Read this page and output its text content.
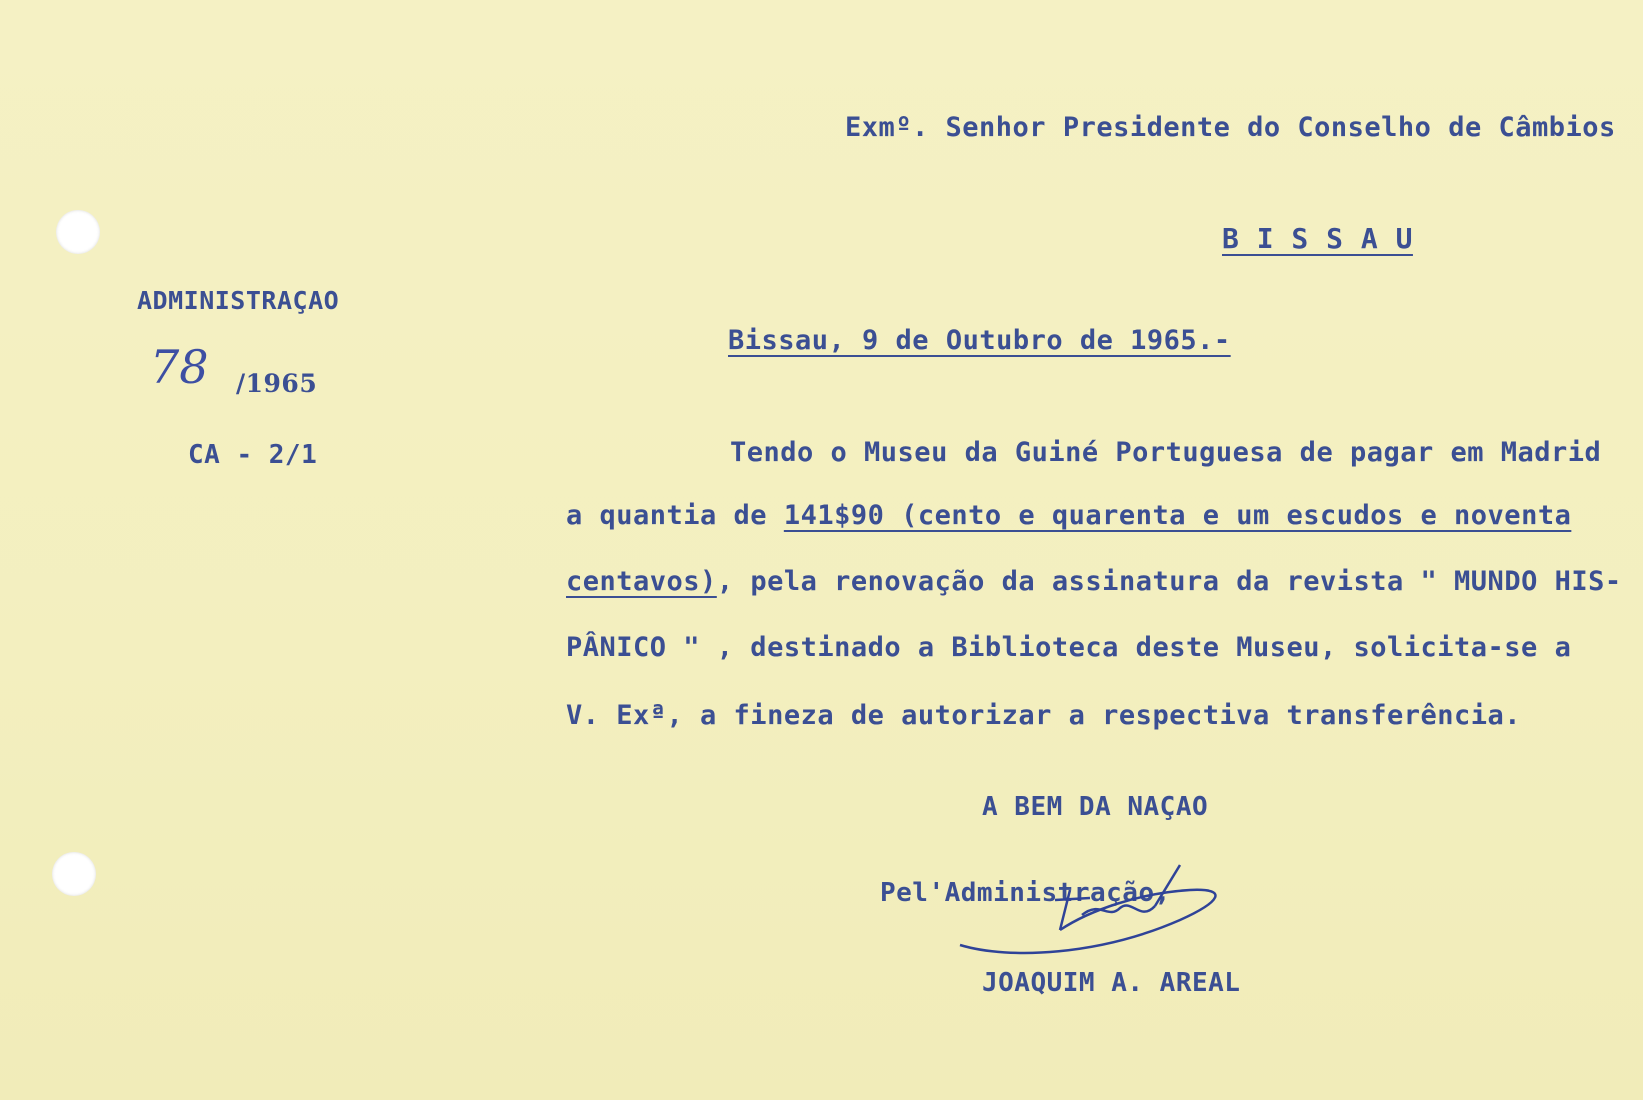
Exmº. Senhor Presidente do Conselho de Câmbios
B I S S A U
ADMINISTRAÇAO
78 /1965
CA - 2/1
Bissau, 9 de Outubro de 1965.-
Tendo o Museu da Guiné Portuguesa de pagar em Madrid
a quantia de 141$90 (cento e quarenta e um escudos e noventa
centavos), pela renovação da assinatura da revista " MUNDO HIS-
PÂNICO " , destinado a Biblioteca deste Museu, solicita-se a
V. Exª, a fineza de autorizar a respectiva transferência.
A BEM DA NAÇAO
Pel'Administração,
JOAQUIM A. AREAL
